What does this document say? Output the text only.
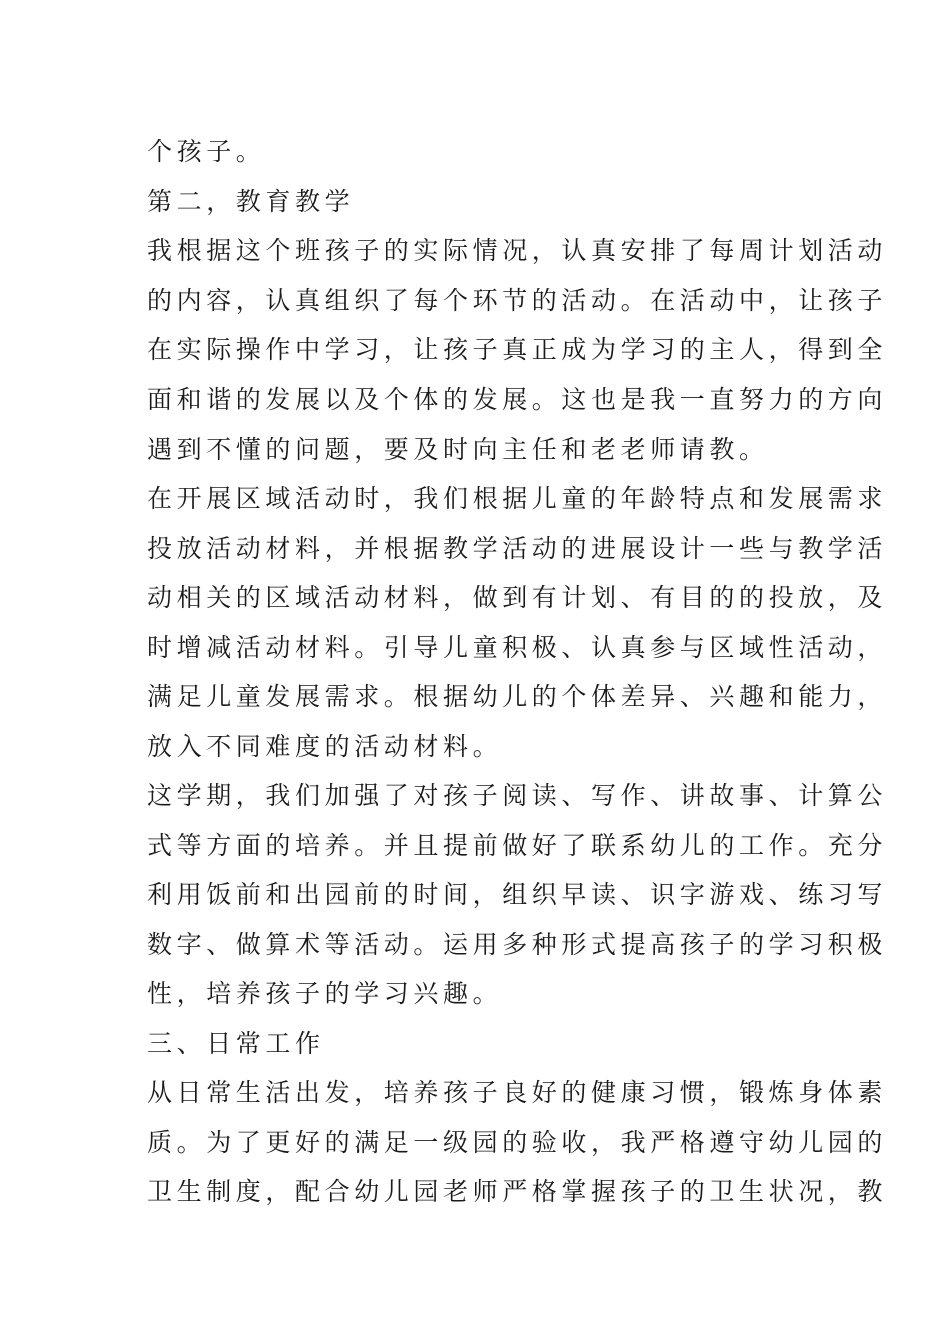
个孩子。
第二，教育教学
我根据这个班孩子的实际情况，认真安排了每周计划活动
的内容，认真组织了每个环节的活动。在活动中，让孩子
在实际操作中学习，让孩子真正成为学习的主人，得到全
面和谐的发展以及个体的发展。这也是我一直努力的方向
遇到不懂的问题，要及时向主任和老老师请教。
在开展区域活动时，我们根据儿童的年龄特点和发展需求
投放活动材料，并根据教学活动的进展设计一些与教学活
动相关的区域活动材料，做到有计划、有目的的投放，及
时增减活动材料。引导儿童积极、认真参与区域性活动，
满足儿童发展需求。根据幼儿的个体差异、兴趣和能力，
放入不同难度的活动材料。
这学期，我们加强了对孩子阅读、写作、讲故事、计算公
式等方面的培养。并且提前做好了联系幼儿的工作。充分
利用饭前和出园前的时间，组织早读、识字游戏、练习写
数字、做算术等活动。运用多种形式提高孩子的学习积极
性，培养孩子的学习兴趣。
三、日常工作
从日常生活出发，培养孩子良好的健康习惯，锻炼身体素
质。为了更好的满足一级园的验收，我严格遵守幼儿园的
卫生制度，配合幼儿园老师严格掌握孩子的卫生状况，教
